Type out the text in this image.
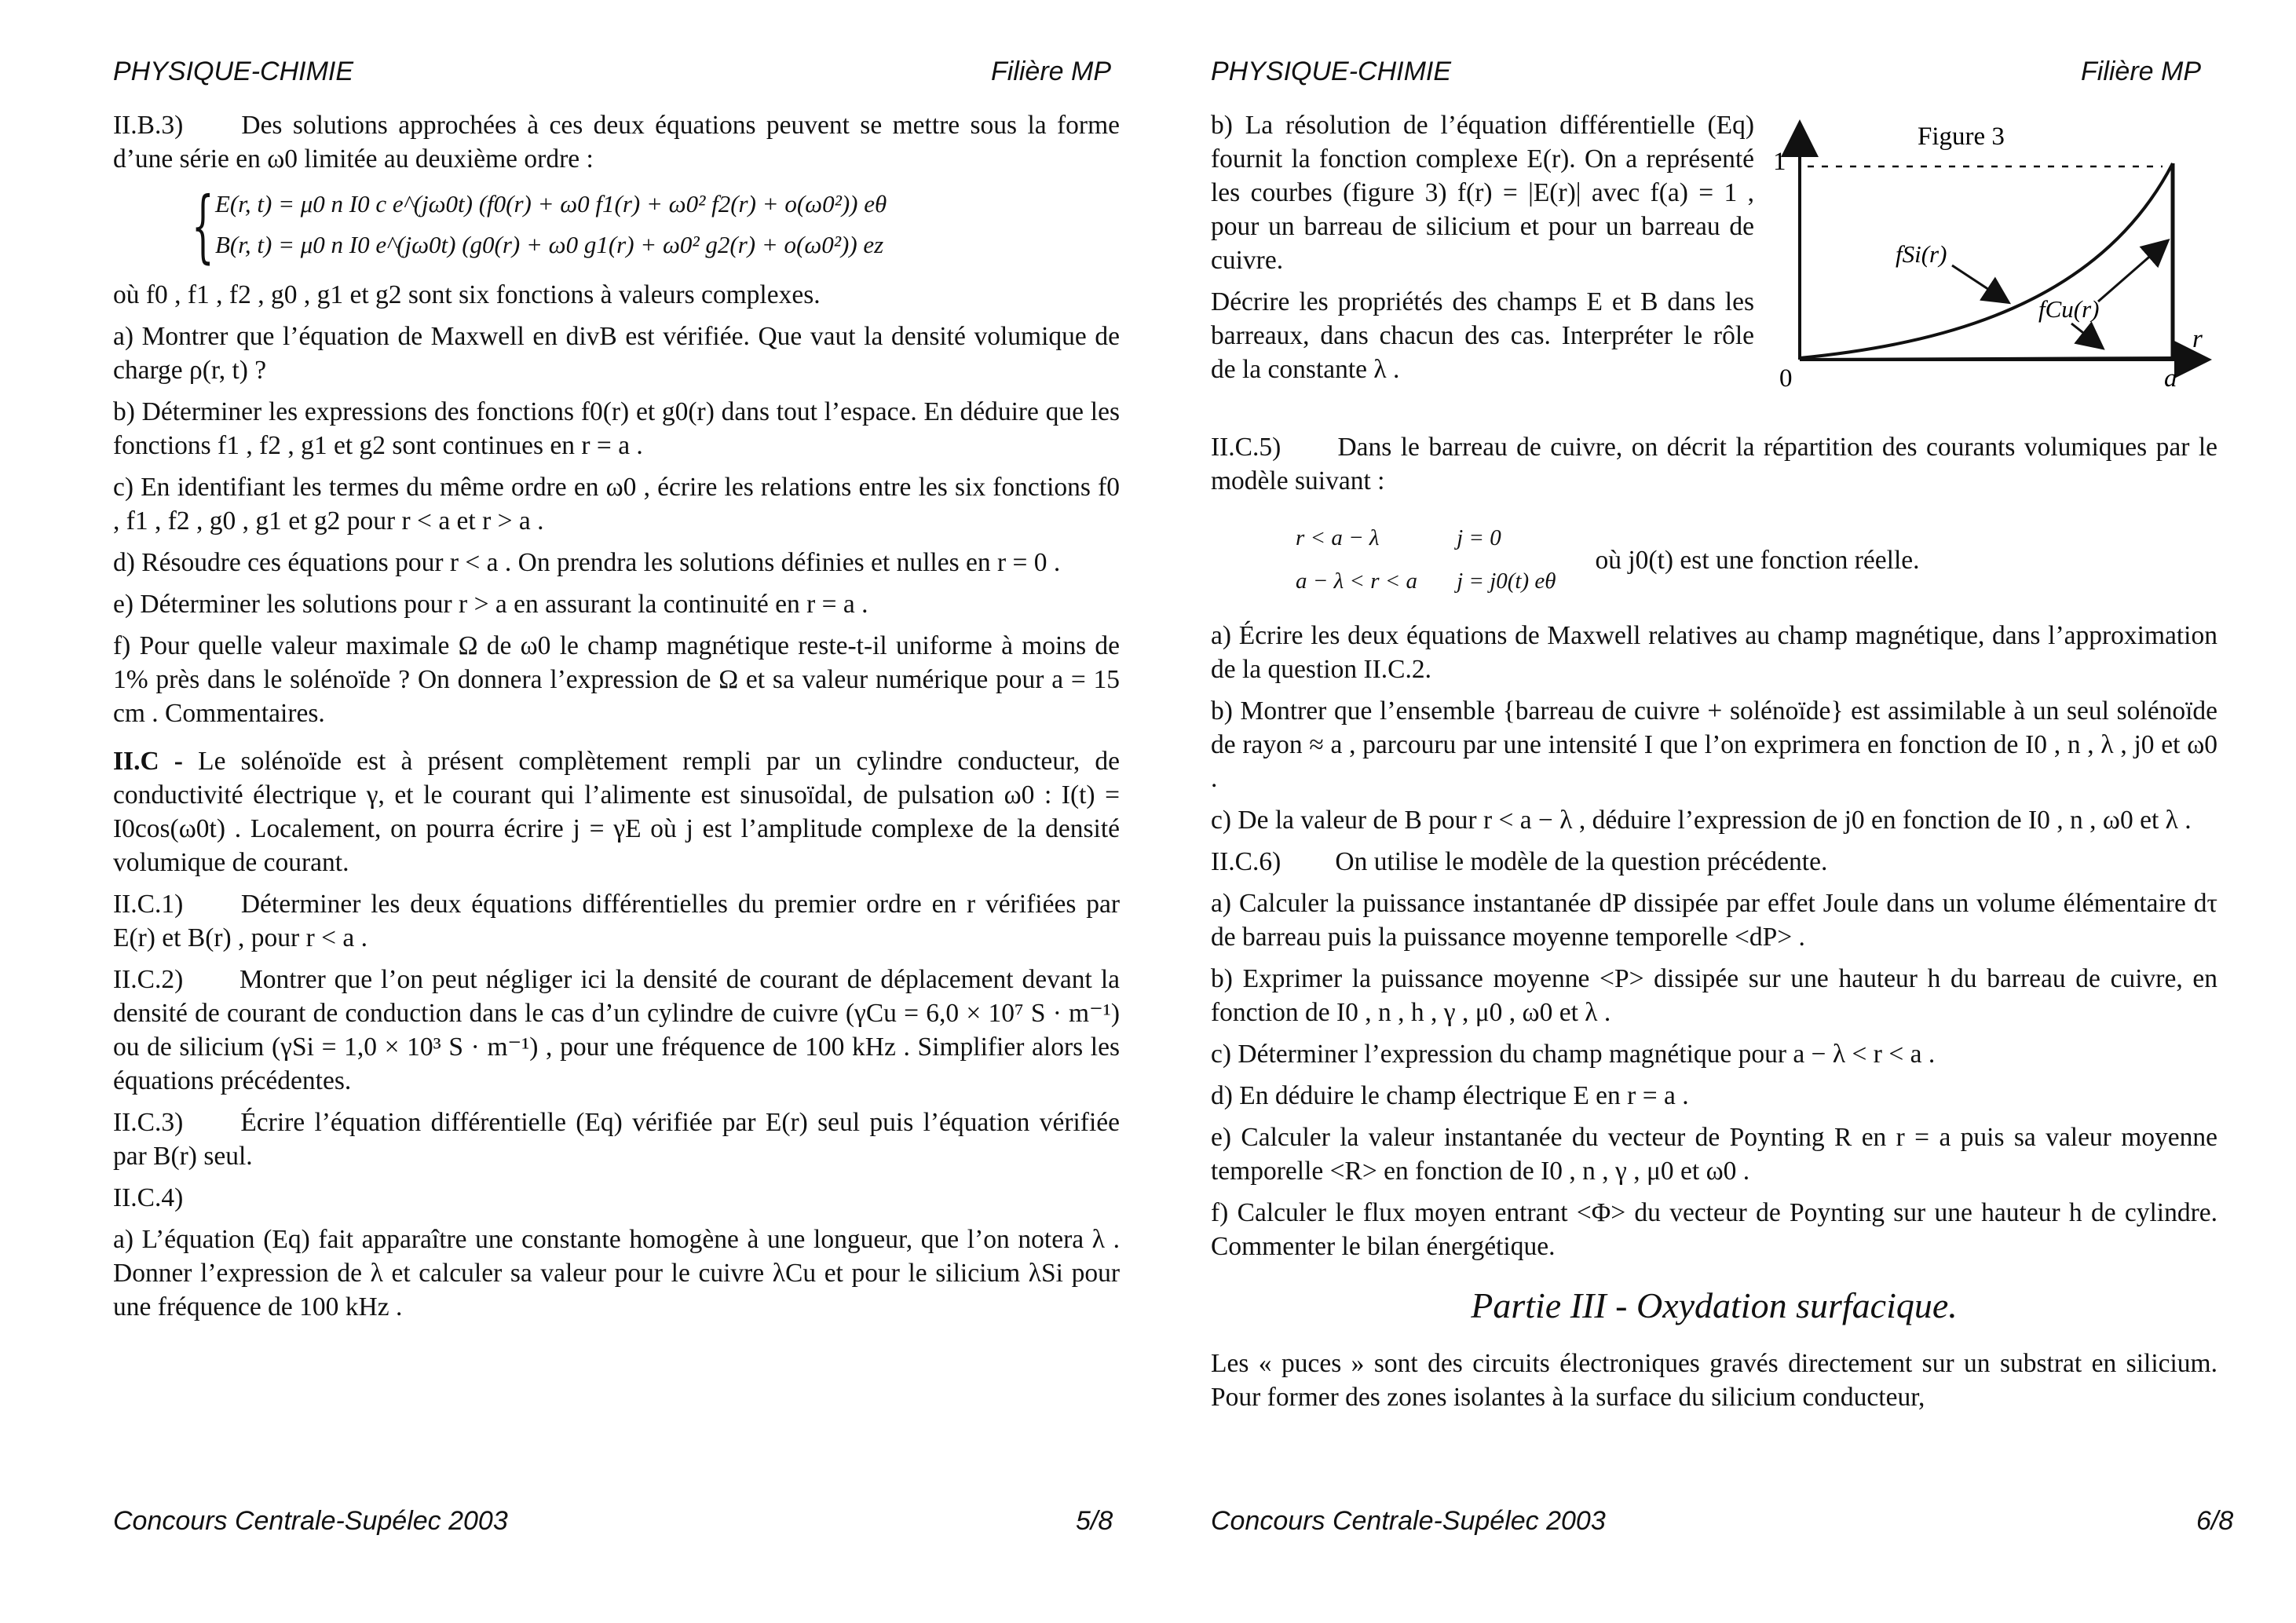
PHYSIQUE-CHIMIE	Filière MP

II.B.3) Des solutions approchées à ces deux équations peuvent se mettre sous la forme d’une série en ω0 limitée au deuxième ordre :

{ E(r, t) = μ0 n I0 c e^(jω0t) (f0(r) + ω0 f1(r) + ω0² f2(r) + o(ω0²)) eθ
B(r, t) = μ0 n I0 e^(jω0t) (g0(r) + ω0 g1(r) + ω0² g2(r) + o(ω0²)) ez

où f0 , f1 , f2 , g0 , g1 et g2 sont six fonctions à valeurs complexes.

a) Montrer que l’équation de Maxwell en divB est vérifiée. Que vaut la densité volumique de charge ρ(r, t) ?

b) Déterminer les expressions des fonctions f0(r) et g0(r) dans tout l’espace. En déduire que les fonctions f1 , f2 , g1 et g2 sont continues en r = a .

c) En identifiant les termes du même ordre en ω0 , écrire les relations entre les six fonctions f0 , f1 , f2 , g0 , g1 et g2 pour r < a et r > a .

d) Résoudre ces équations pour r < a . On prendra les solutions définies et nulles en r = 0 .

e) Déterminer les solutions pour r > a en assurant la continuité en r = a .

f) Pour quelle valeur maximale Ω de ω0 le champ magnétique reste-t-il uniforme à moins de 1% près dans le solénoïde ? On donnera l’expression de Ω et sa valeur numérique pour a = 15 cm . Commentaires.

II.C - Le solénoïde est à présent complètement rempli par un cylindre conducteur, de conductivité électrique γ, et le courant qui l’alimente est sinusoïdal, de pulsation ω0 : I(t) = I0cos(ω0t) . Localement, on pourra écrire j = γE où j est l’amplitude complexe de la densité volumique de courant.

II.C.1) Déterminer les deux équations différentielles du premier ordre en r vérifiées par E(r) et B(r) , pour r < a .

II.C.2) Montrer que l’on peut négliger ici la densité de courant de déplacement devant la densité de courant de conduction dans le cas d’un cylindre de cuivre (γCu = 6,0 × 10⁷ S · m⁻¹) ou de silicium (γSi = 1,0 × 10³ S · m⁻¹) , pour une fréquence de 100 kHz . Simplifier alors les équations précédentes.

II.C.3) Écrire l’équation différentielle (Eq) vérifiée par E(r) seul puis l’équation vérifiée par B(r) seul.

II.C.4)

a) L’équation (Eq) fait apparaître une constante homogène à une longueur, que l’on notera λ . Donner l’expression de λ et calculer sa valeur pour le cuivre λCu et pour le silicium λSi pour une fréquence de 100 kHz .

Concours Centrale-Supélec 2003	5/8
PHYSIQUE-CHIMIE	Filière MP
Figure 3
1
0	a
r
fSi(r)
fCu(r)

b) La résolution de l’équation différentielle (Eq) fournit la fonction complexe E(r). On a représenté les courbes (figure 3) f(r) = |E(r)| avec f(a) = 1 , pour un barreau de silicium et pour un barreau de cuivre.

Décrire les propriétés des champs E et B dans les barreaux, dans chacun des cas. Interpréter le rôle de la constante λ .

II.C.5) Dans le barreau de cuivre, on décrit la répartition des courants volumiques par le modèle suivant :

r < a − λ	j = 0
a − λ < r < a	j = j0(t) eθ
où j0(t) est une fonction réelle.

a) Écrire les deux équations de Maxwell relatives au champ magnétique, dans l’approximation de la question II.C.2.

b) Montrer que l’ensemble {barreau de cuivre + solénoïde} est assimilable à un seul solénoïde de rayon ≈ a , parcouru par une intensité I que l’on exprimera en fonction de I0 , n , λ , j0 et ω0 .

c) De la valeur de B pour r < a − λ , déduire l’expression de j0 en fonction de I0 , n , ω0 et λ .

II.C.6) On utilise le modèle de la question précédente.

a) Calculer la puissance instantanée dP dissipée par effet Joule dans un volume élémentaire dτ de barreau puis la puissance moyenne temporelle <dP> .

b) Exprimer la puissance moyenne <P> dissipée sur une hauteur h du barreau de cuivre, en fonction de I0 , n , h , γ , μ0 , ω0 et λ .

c) Déterminer l’expression du champ magnétique pour a − λ < r < a .

d) En déduire le champ électrique E en r = a .

e) Calculer la valeur instantanée du vecteur de Poynting R en r = a puis sa valeur moyenne temporelle <R> en fonction de I0 , n , γ , μ0 et ω0 .

f) Calculer le flux moyen entrant <Φ> du vecteur de Poynting sur une hauteur h de cylindre. Commenter le bilan énergétique.

Partie III - Oxydation surfacique.

Les « puces » sont des circuits électroniques gravés directement sur un substrat en silicium. Pour former des zones isolantes à la surface du silicium conducteur,

Concours Centrale-Supélec 2003	6/8
